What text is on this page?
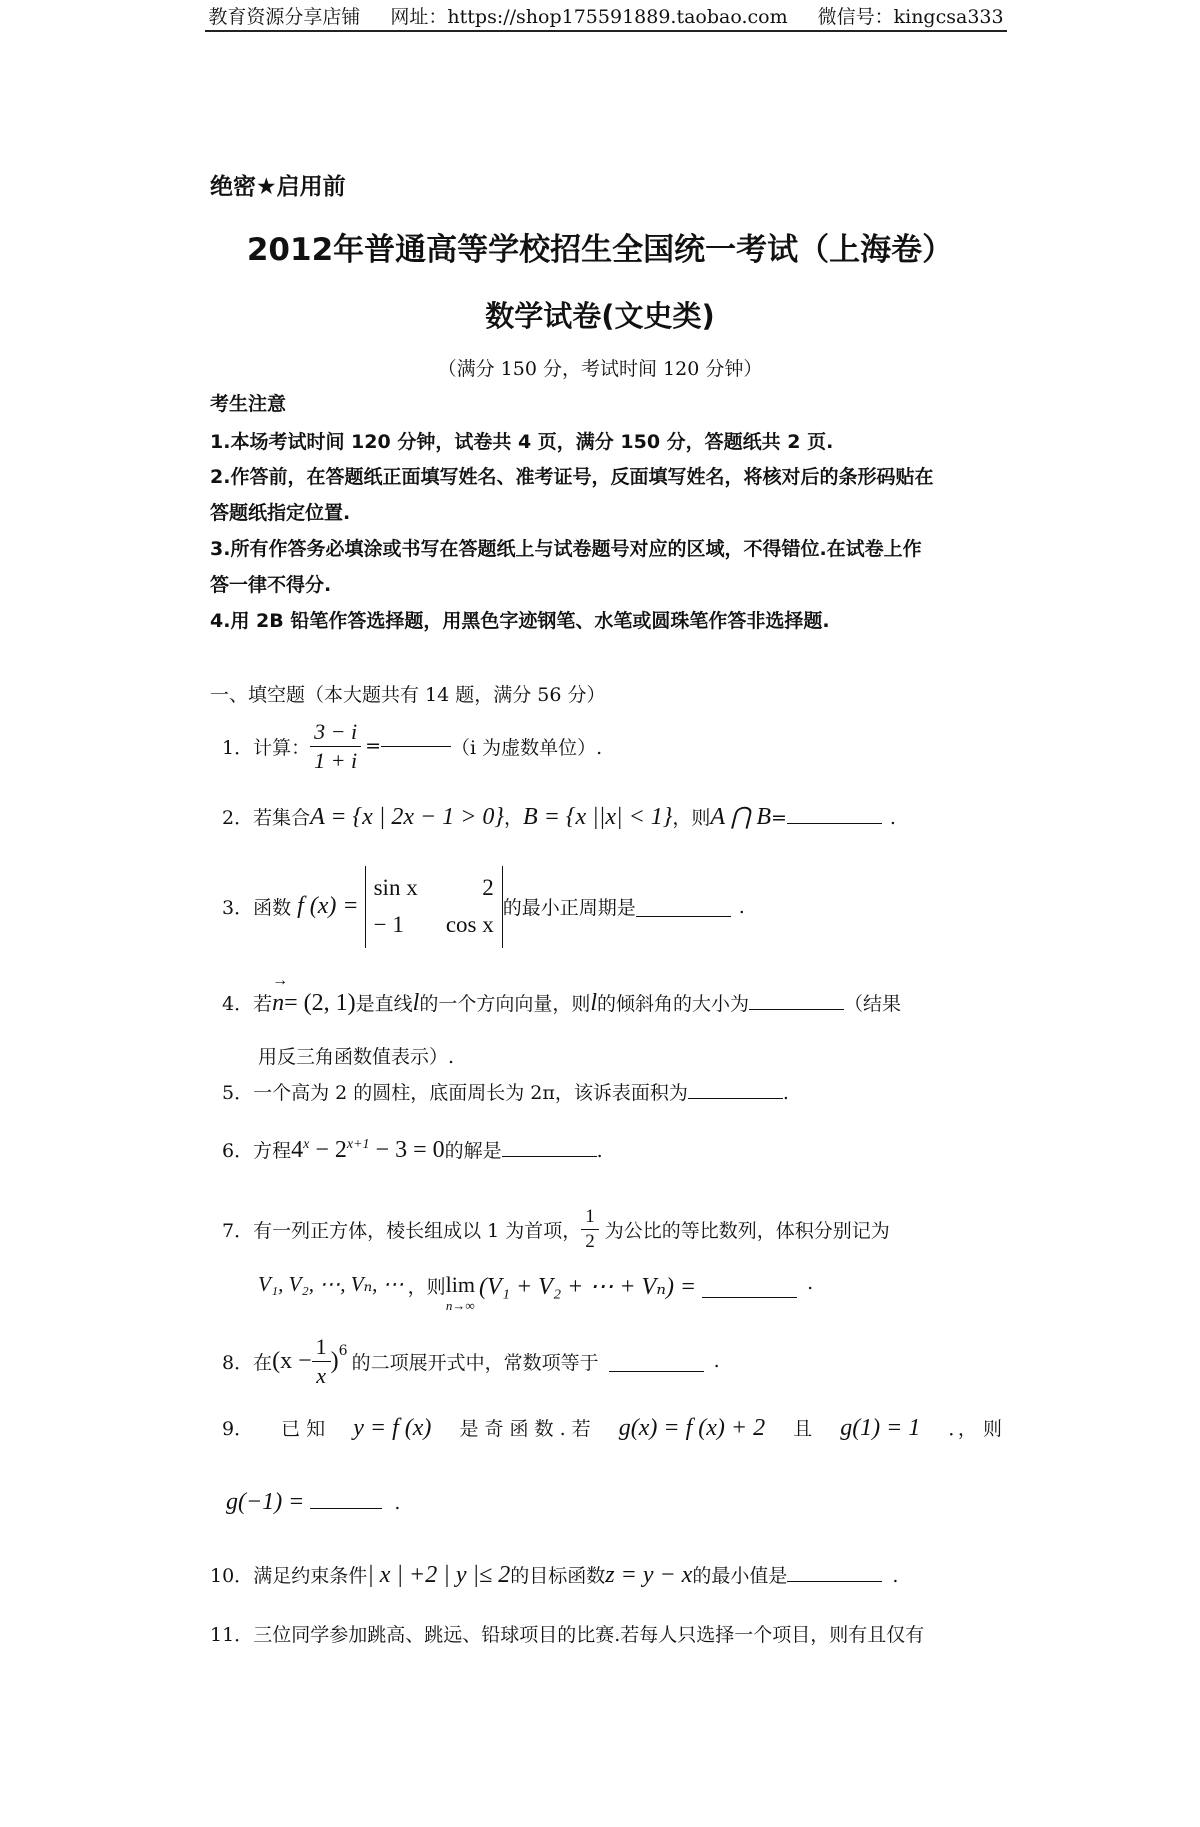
教育资源分享店铺 网址：https://shop175591889.taobao.com 微信号：kingcsa333
绝密★启用前
2012年普通高等学校招生全国统一考试（上海卷）
数学试卷(文史类)
（满分 150 分，考试时间 120 分钟）
考生注意
1.本场考试时间 120 分钟，试卷共 4 页，满分 150 分，答题纸共 2 页.
2.作答前，在答题纸正面填写姓名、准考证号，反面填写姓名，将核对后的条形码贴在
答题纸指定位置.
3.所有作答务必填涂或书写在答题纸上与试卷题号对应的区域，不得错位.在试卷上作
答一律不得分.
4.用 2B 铅笔作答选择题，用黑色字迹钢笔、水笔或圆珠笔作答非选择题.
一、填空题（本大题共有 14 题，满分 56 分）
1． 计算： $\frac{3 - i}{1 + i}$ =	（i 为虚数单位）.
2． 若集合 A = {x | 2x − 1 > 0} ， B = {x ||x| < 1} ，则 A ⋂ B =	.
3． 函数 f (x) =
sin x	2
− 1 cos x
的最小正周期是	.
4． 若
→ n = (2, 1) 是直线 l 的一个方向向量，则 l 的倾斜角的大小为	（结果
用反三角函数值表示）.
5． 一个高为 2 的圆柱，底面周长为 2π，该诉表面积为	.
6． 方程 $4^x - 2^{x+1} - 3 = 0$ 的解是	.
7． 有一列正方体，棱长组成以 1 为首项， $\frac{1}{2}$ 为公比的等比数列，体积分别记为
V₁, V₂, ⋯, Vₙ, ⋯ ，则 lim
n→∞
(V₁ + V₂ + ⋯ + Vₙ) =	.
8． 在 $(x - \frac{1}{x} )^6$
的二项展开式中，常数项等于	.
9． 已 知 y = f (x) 是 奇 函 数 . 若 g(x) = f (x) + 2 且 g(1) = 1 ．， 则
g(−1) =	.
10． 满足约束条件 | x | +2 | y |≤ 2 的目标函数 z = y − x 的最小值是	.
11． 三位同学参加跳高、跳远、铅球项目的比赛.若每人只选择一个项目，则有且仅有
